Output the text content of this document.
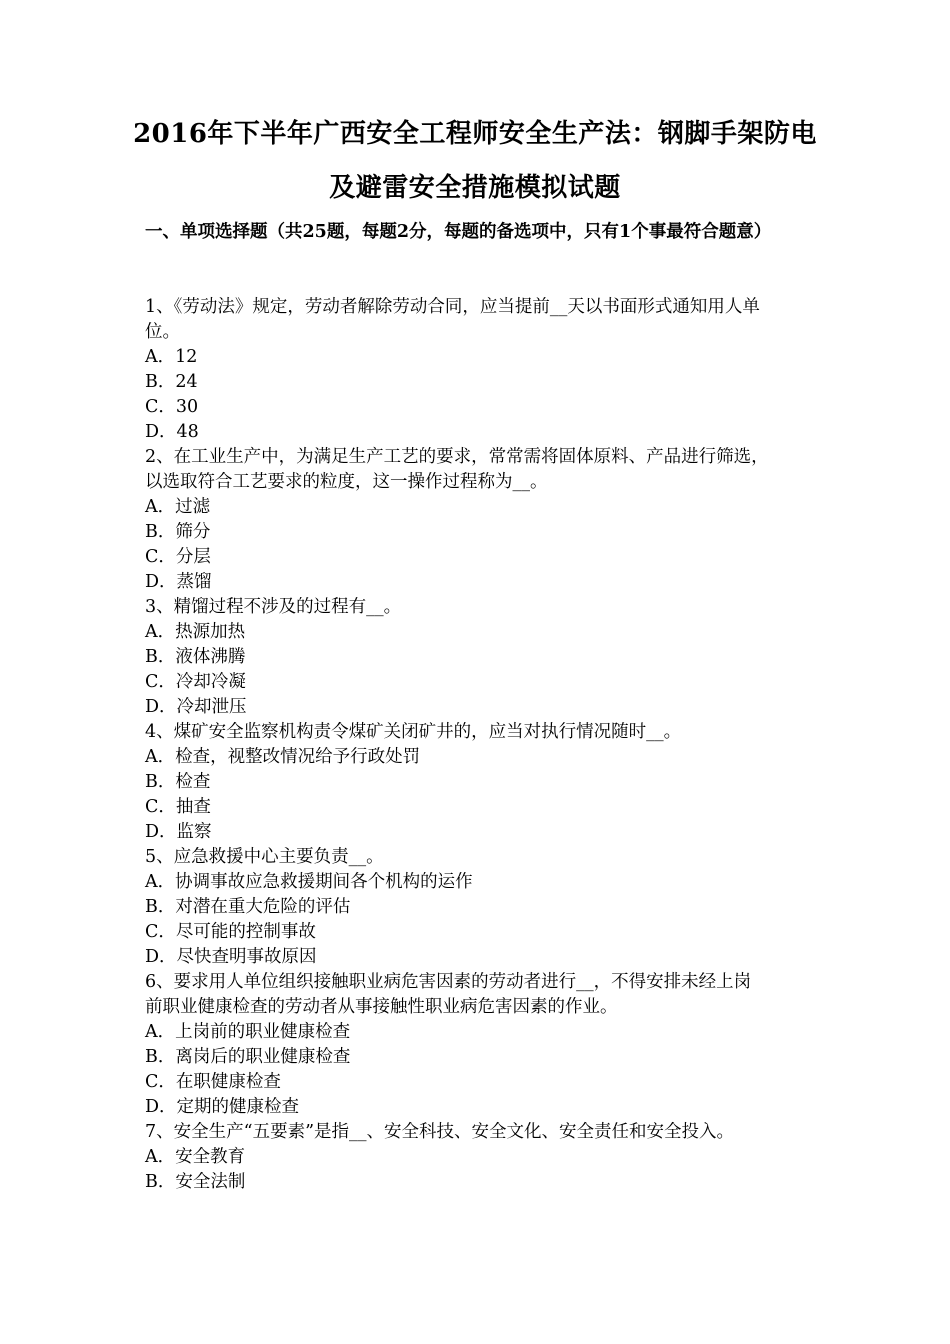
2016年下半年广西安全工程师安全生产法：钢脚手架防电
及避雷安全措施模拟试题
一、单项选择题（共25题，每题2分，每题的备选项中，只有1个事最符合题意）
1、《劳动法》规定，劳动者解除劳动合同，应当提前__天以书面形式通知用人单
位。
A．12
B．24
C．30
D．48
2、在工业生产中，为满足生产工艺的要求，常常需将固体原料、产品进行筛选，
以选取符合工艺要求的粒度，这一操作过程称为__。
A．过滤
B．筛分
C．分层
D．蒸馏
3、精馏过程不涉及的过程有__。
A．热源加热
B．液体沸腾
C．冷却冷凝
D．冷却泄压
4、煤矿安全监察机构责令煤矿关闭矿井的，应当对执行情况随时__。
A．检查，视整改情况给予行政处罚
B．检查
C．抽查
D．监察
5、应急救援中心主要负责__。
A．协调事故应急救援期间各个机构的运作
B．对潜在重大危险的评估
C．尽可能的控制事故
D．尽快查明事故原因
6、要求用人单位组织接触职业病危害因素的劳动者进行__，不得安排未经上岗
前职业健康检查的劳动者从事接触性职业病危害因素的作业。
A．上岗前的职业健康检查
B．离岗后的职业健康检查
C．在职健康检查
D．定期的健康检查
7、安全生产“五要素”是指__、安全科技、安全文化、安全责任和安全投入。
A．安全教育
B．安全法制
